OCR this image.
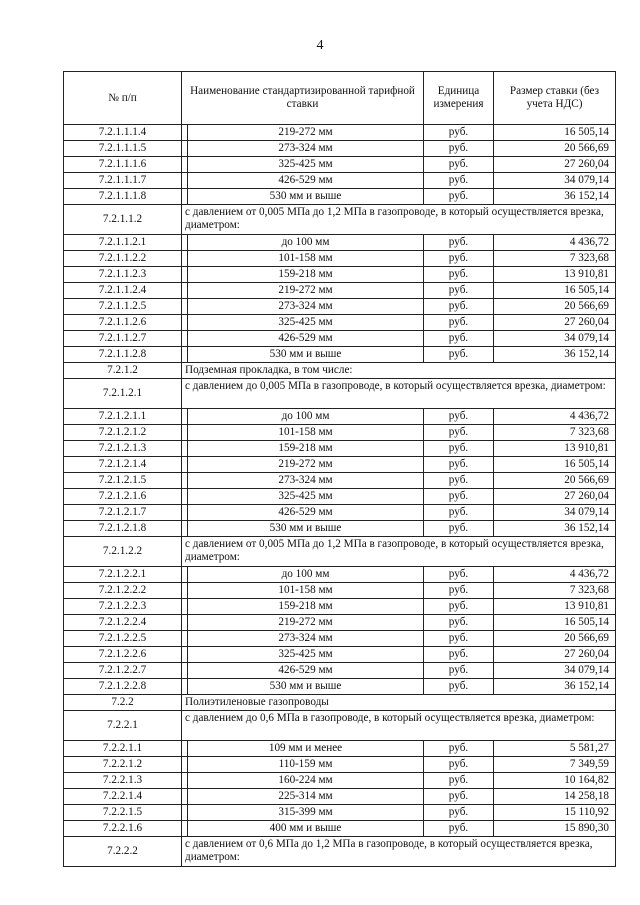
4
№ п/п	Наименование стандартизированной тарифной ставки		Единица измерения	Размер ставки (без учета НДС)
7.2.1.1.1.4		219-272 мм	руб.	16 505,14
7.2.1.1.1.5		273-324 мм	руб.	20 566,69
7.2.1.1.1.6		325-425 мм	руб.	27 260,04
7.2.1.1.1.7		426-529 мм	руб.	34 079,14
7.2.1.1.1.8		530 мм и выше	руб.	36 152,14
7.2.1.1.2	с давлением от 0,005 МПа до 1,2 МПа в газопроводе, в который осуществляется врезка, диаметром:			
7.2.1.1.2.1		до 100 мм	руб.	4 436,72
7.2.1.1.2.2		101-158 мм	руб.	7 323,68
7.2.1.1.2.3		159-218 мм	руб.	13 910,81
7.2.1.1.2.4		219-272 мм	руб.	16 505,14
7.2.1.1.2.5		273-324 мм	руб.	20 566,69
7.2.1.1.2.6		325-425 мм	руб.	27 260,04
7.2.1.1.2.7		426-529 мм	руб.	34 079,14
7.2.1.1.2.8		530 мм и выше	руб.	36 152,14
7.2.1.2	Подземная прокладка, в том числе:			
7.2.1.2.1	с давлением до 0,005 МПа в газопроводе, в который осуществляется врезка, диаметром:			
7.2.1.2.1.1		до 100 мм	руб.	4 436,72
7.2.1.2.1.2		101-158 мм	руб.	7 323,68
7.2.1.2.1.3		159-218 мм	руб.	13 910,81
7.2.1.2.1.4		219-272 мм	руб.	16 505,14
7.2.1.2.1.5		273-324 мм	руб.	20 566,69
7.2.1.2.1.6		325-425 мм	руб.	27 260,04
7.2.1.2.1.7		426-529 мм	руб.	34 079,14
7.2.1.2.1.8		530 мм и выше	руб.	36 152,14
7.2.1.2.2	с давлением от 0,005 МПа до 1,2 МПа в газопроводе, в который осуществляется врезка, диаметром:			
7.2.1.2.2.1		до 100 мм	руб.	4 436,72
7.2.1.2.2.2		101-158 мм	руб.	7 323,68
7.2.1.2.2.3		159-218 мм	руб.	13 910,81
7.2.1.2.2.4		219-272 мм	руб.	16 505,14
7.2.1.2.2.5		273-324 мм	руб.	20 566,69
7.2.1.2.2.6		325-425 мм	руб.	27 260,04
7.2.1.2.2.7		426-529 мм	руб.	34 079,14
7.2.1.2.2.8		530 мм и выше	руб.	36 152,14
7.2.2	Полиэтиленовые газопроводы			
7.2.2.1	с давлением до 0,6 МПа в газопроводе, в который осуществляется врезка, диаметром:			
7.2.2.1.1		109 мм и менее	руб.	5 581,27
7.2.2.1.2		110-159 мм	руб.	7 349,59
7.2.2.1.3		160-224 мм	руб.	10 164,82
7.2.2.1.4		225-314 мм	руб.	14 258,18
7.2.2.1.5		315-399 мм	руб.	15 110,92
7.2.2.1.6		400 мм и выше	руб.	15 890,30
7.2.2.2	с давлением от 0,6 МПа до 1,2 МПа в газопроводе, в который осуществляется врезка, диаметром:			
